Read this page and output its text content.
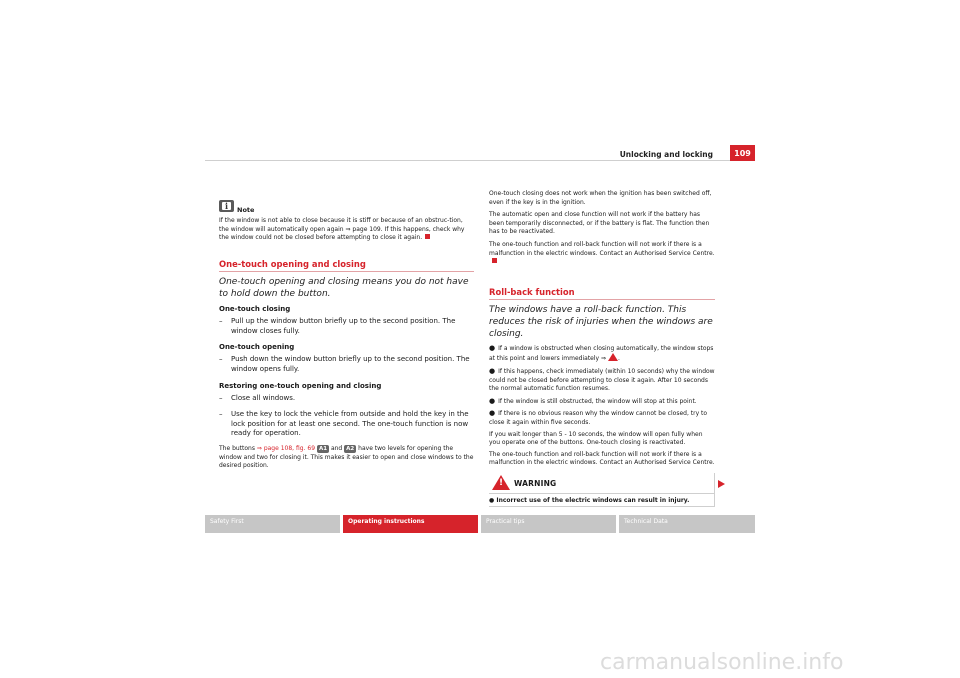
Unlocking and locking	109
iNote

If the window is not able to close because it is stiff or because of an obstruc-tion, the window will automatically open again ⇒ page 109. If this happens, check why the window could not be closed before attempting to close it again.

One-touch opening and closing

One-touch opening and closing means you do not have to hold down the button.

One-touch closing

– Pull up the window button briefly up to the second position. The window closes fully.

One-touch opening

– Push down the window button briefly up to the second position. The window opens fully.

Restoring one-touch opening and closing

– Close all windows.

– Use the key to lock the vehicle from outside and hold the key in the lock position for at least one second. The one-touch function is now ready for operation.

The buttons ⇒ page 108, fig. 69 A1 and A2 have two levels for opening the window and two for closing it. This makes it easier to open and close windows to the desired position.

One-touch closing does not work when the ignition has been switched off, even if the key is in the ignition.

The automatic open and close function will not work if the battery has been temporarily disconnected, or if the battery is flat. The function then has to be reactivated.

The one-touch function and roll-back function will not work if there is a malfunction in the electric windows. Contact an Authorised Service Centre.

Roll-back function

The windows have a roll-back function. This reduces the risk of injuries when the windows are closing.

● If a window is obstructed when closing automatically, the window stops at this point and lowers immediately ⇒ .

● If this happens, check immediately (within 10 seconds) why the window could not be closed before attempting to close it again. After 10 seconds the normal automatic function resumes.

● If the window is still obstructed, the window will stop at this point.

● If there is no obvious reason why the window cannot be closed, try to close it again within five seconds.

If you wait longer than 5 - 10 seconds, the window will open fully when you operate one of the buttons. One-touch closing is reactivated.

The one-touch function and roll-back function will not work if there is a malfunction in the electric windows. Contact an Authorised Service Centre.

!
WARNING

● Incorrect use of the electric windows can result in injury.

Safety First	Operating instructions	Practical tips	Technical Data
carmanualsonline.info
